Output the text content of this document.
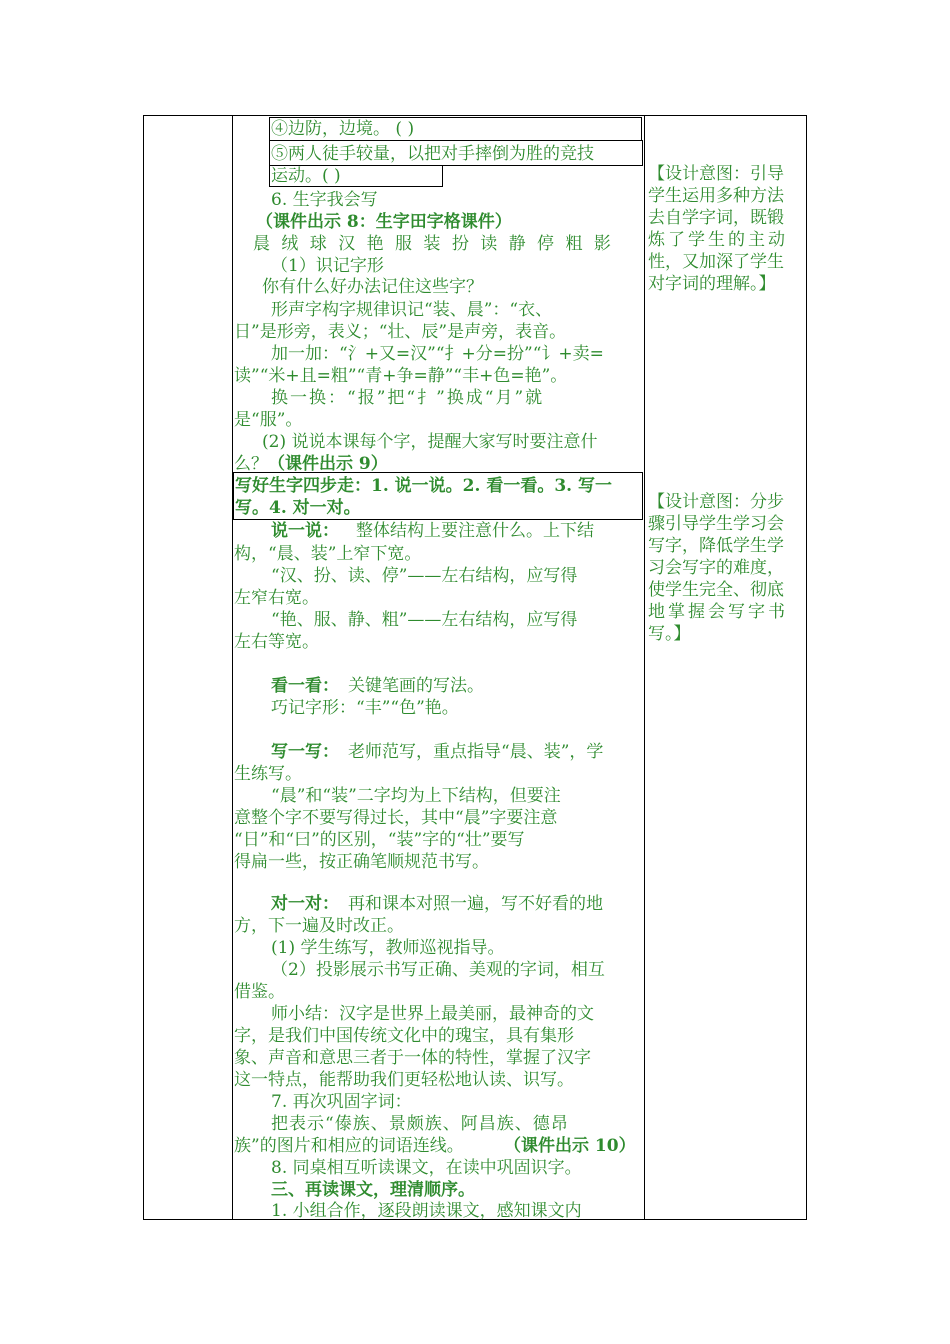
④边防，边境。 ( )
⑤两人徒手较量，以把对手摔倒为胜的竞技
运动。( )
6. 生字我会写
（课件出示 8：生字田字格课件）
晨 绒 球 汉 艳 服 装 扮 读 静 停 粗 影
（1）识记字形
你有什么好办法记住这些字？
形声字构字规律识记“装、晨”：“衣、
日”是形旁，表义；“壮、辰”是声旁，表音。
加一加：“氵+又=汉”“扌+分=扮”“讠+卖=
读”“米+且=粗”“青+争=静”“丰+色=艳”。
换一换：“报”把“扌”换成“月”就
是“服”。
(2) 说说本课每个字，提醒大家写时要注意什
么？ （课件出示 9）
写好生字四步走：1. 说一说。2. 看一看。3. 写一
写。4. 对一对。
说一说： 整体结构上要注意什么。上下结
构，“晨、装”上窄下宽。
“汉、扮、读、停”——左右结构，应写得
左窄右宽。
“艳、服、静、粗”——左右结构，应写得
左右等宽。
看一看： 关键笔画的写法。
巧记字形：“丰”“色”艳。
写一写： 老师范写，重点指导“晨、装”，学
生练写。
“晨”和“装”二字均为上下结构，但要注
意整个字不要写得过长，其中“晨”字要注意
“日”和“曰”的区别，“装”字的“壮”要写
得扁一些，按正确笔顺规范书写。
对一对： 再和课本对照一遍，写不好看的地
方，下一遍及时改正。
(1) 学生练写，教师巡视指导。
（2）投影展示书写正确、美观的字词，相互
借鉴。
师小结：汉字是世界上最美丽，最神奇的文
字，是我们中国传统文化中的瑰宝，具有集形
象、声音和意思三者于一体的特性，掌握了汉字
这一特点，能帮助我们更轻松地认读、识写。
7. 再次巩固字词：
把表示“傣族、景颇族、阿昌族、德昂
族”的图片和相应的词语连线。 （课件出示 10）
8. 同桌相互听读课文，在读中巩固识字。
三、再读课文，理清顺序。
1. 小组合作，逐段朗读课文，感知课文内
【设计意图：引导
学生运用多种方法
去自学字词，既锻
炼了学生的主动
性，又加深了学生
对字词的理解。】
【设计意图：分步
骤引导学生学习会
写字，降低学生学
习会写字的难度，
使学生完全、彻底
地掌握会写字书
写。】
